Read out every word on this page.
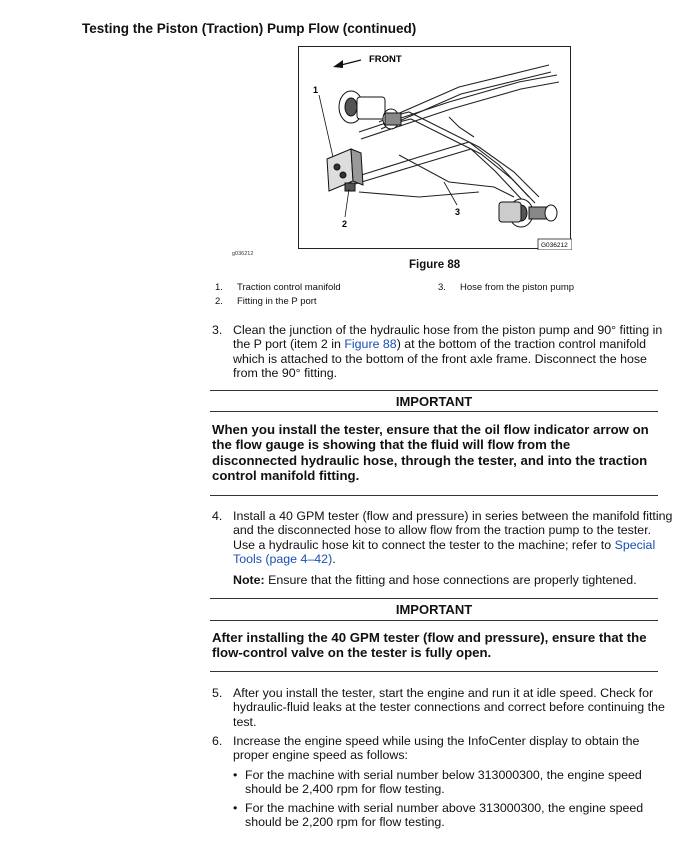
Testing the Piston (Traction) Pump Flow (continued)
FRONT
1
2
3
G036212
g036212
Figure 88
1. Traction control manifold
2. Fitting in the P port
3. Hose from the piston pump
3. Clean the junction of the hydraulic hose from the piston pump and 90° fitting in the P port (item 2 in Figure 88) at the bottom of the traction control manifold which is attached to the bottom of the front axle frame. Disconnect the hose from the 90° fitting.
IMPORTANT
When you install the tester, ensure that the oil flow indicator arrow on the flow gauge is showing that the fluid will flow from the disconnected hydraulic hose, through the tester, and into the traction control manifold fitting.
4. Install a 40 GPM tester (flow and pressure) in series between the manifold fitting and the disconnected hose to allow flow from the traction pump to the tester. Use a hydraulic hose kit to connect the tester to the machine; refer to Special Tools (page 4–42).
Note: Ensure that the fitting and hose connections are properly tightened.
IMPORTANT
After installing the 40 GPM tester (flow and pressure), ensure that the flow-control valve on the tester is fully open.
5. After you install the tester, start the engine and run it at idle speed. Check for hydraulic-fluid leaks at the tester connections and correct before continuing the test.
6. Increase the engine speed while using the InfoCenter display to obtain the proper engine speed as follows:
• For the machine with serial number below 313000300, the engine speed should be 2,400 rpm for flow testing.
• For the machine with serial number above 313000300, the engine speed should be 2,200 rpm for flow testing.
